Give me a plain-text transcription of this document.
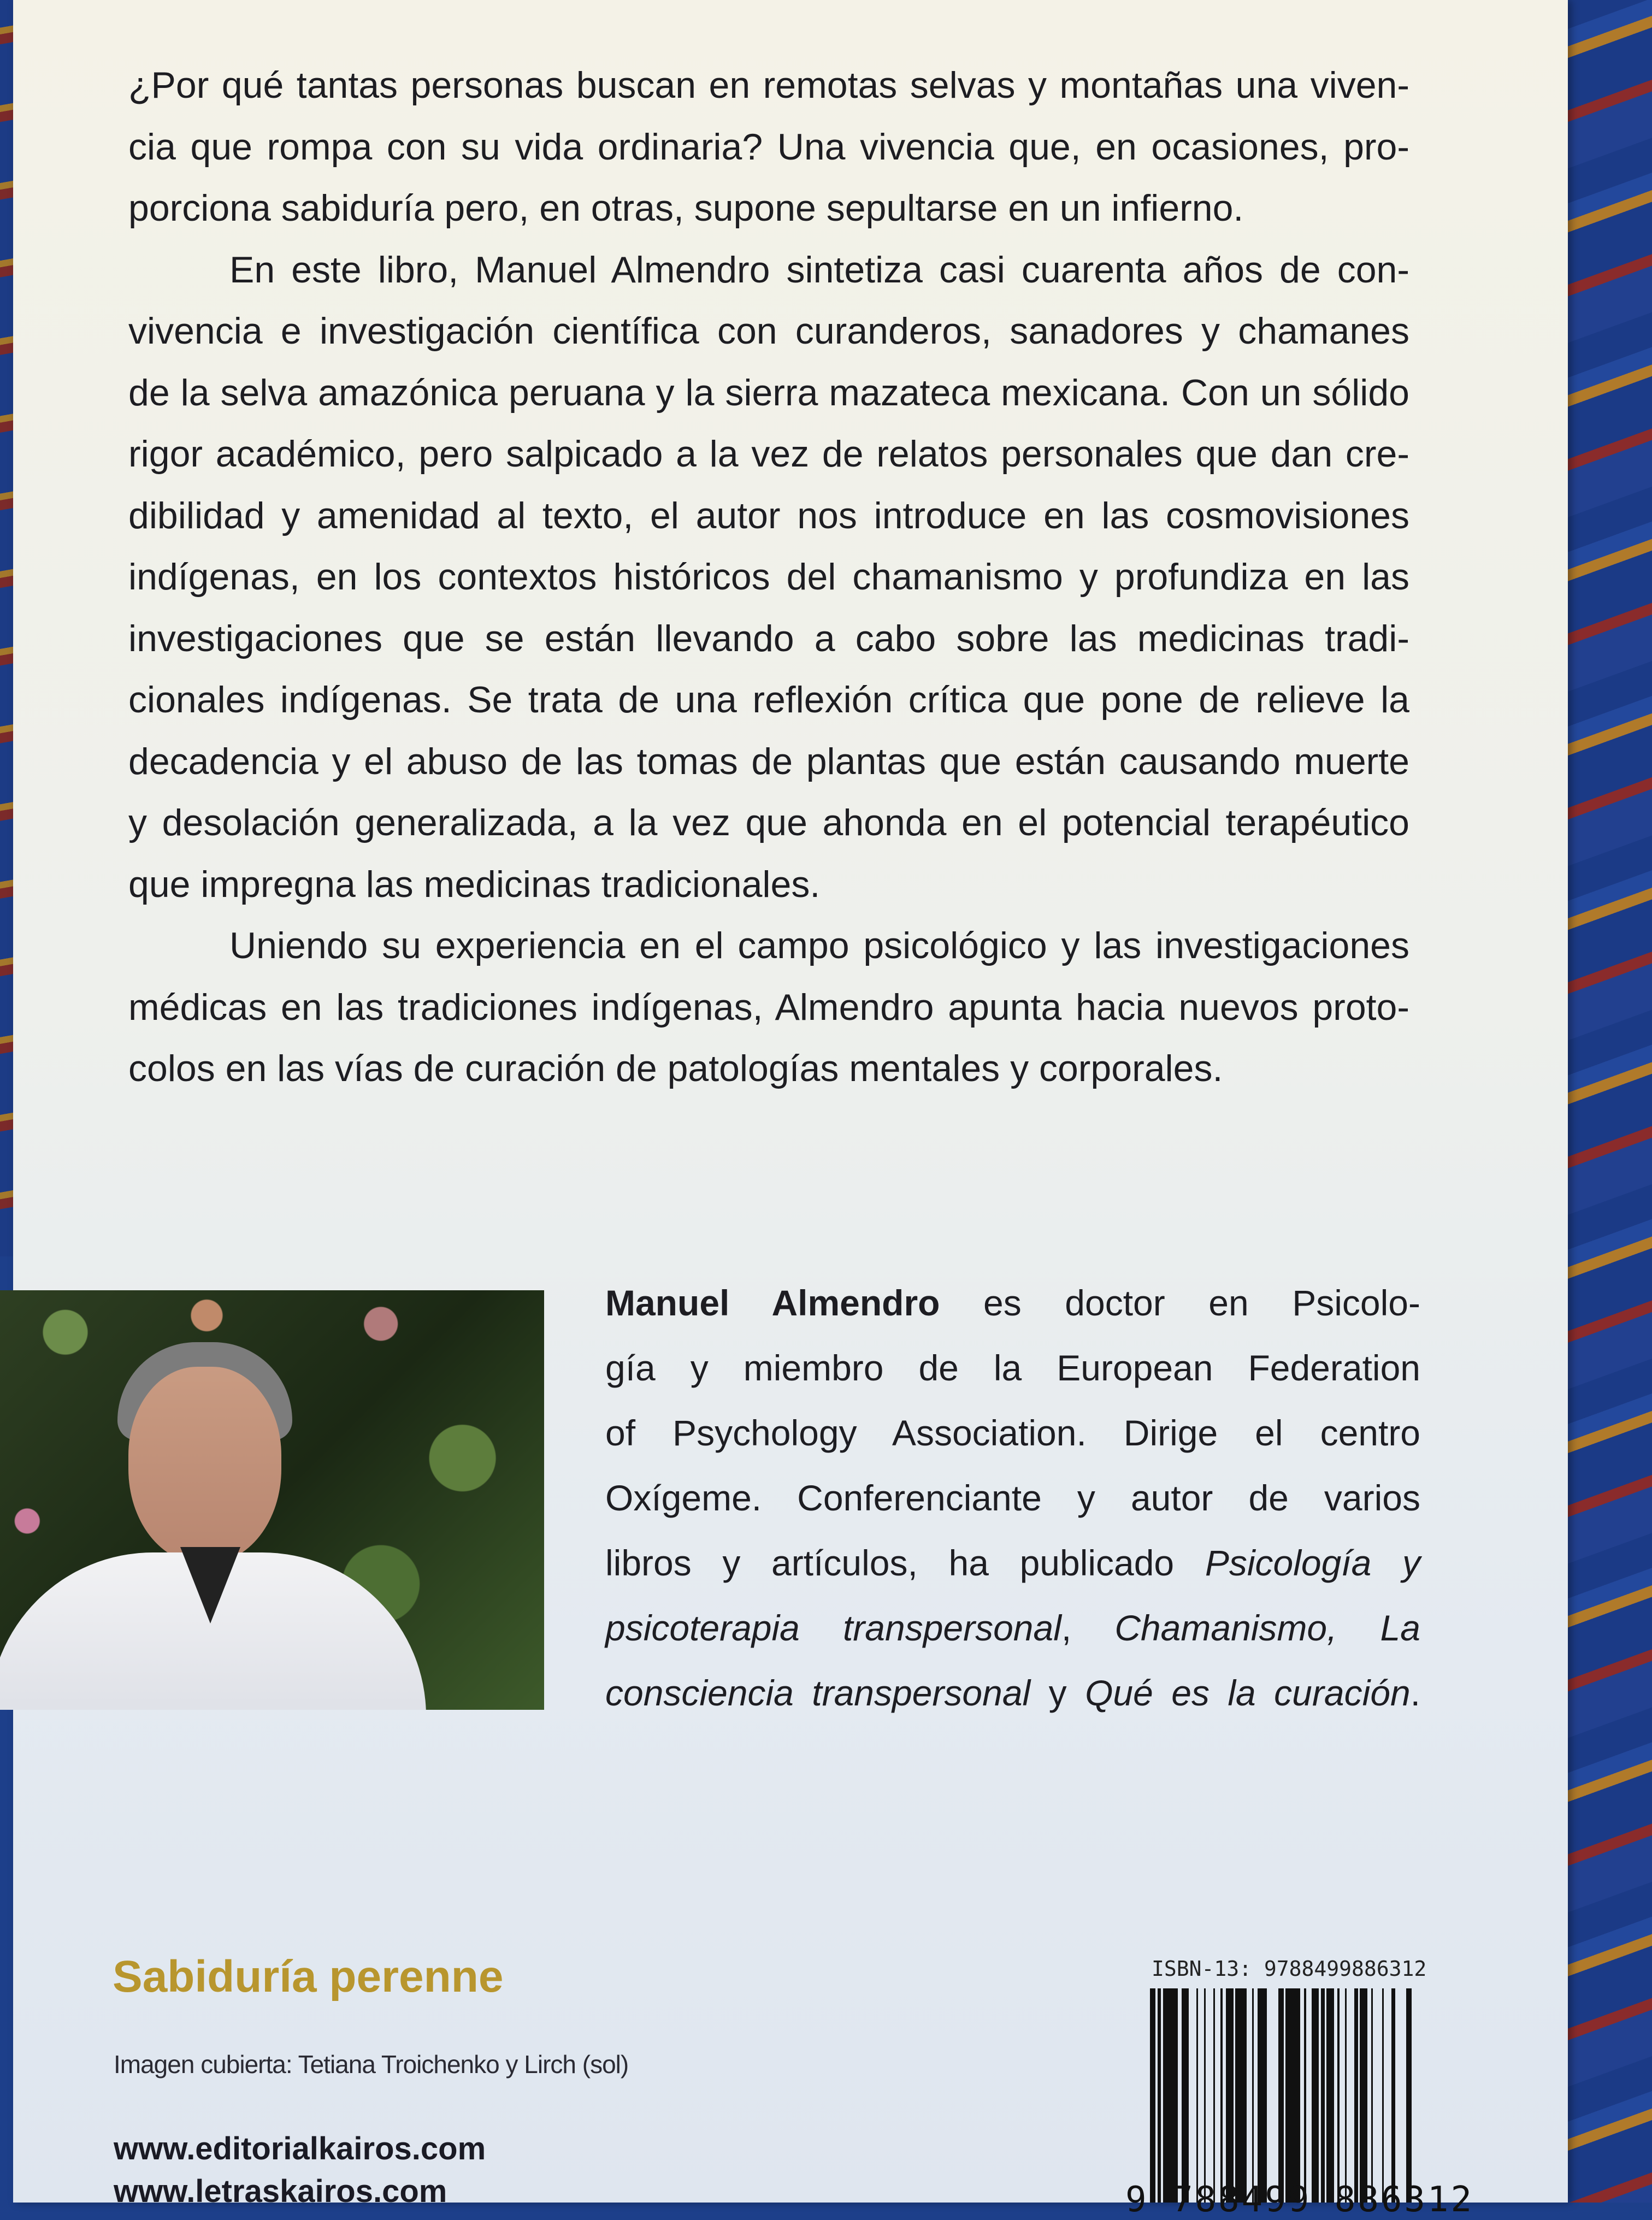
¿Por qué tantas personas buscan en remotas selvas y montañas una viven-
cia que rompa con su vida ordinaria? Una vivencia que, en ocasiones, pro-
porciona sabiduría pero, en otras, supone sepultarse en un infierno.
En este libro, Manuel Almendro sintetiza casi cuarenta años de con-
vivencia e investigación científica con curanderos, sanadores y chamanes
de la selva amazónica peruana y la sierra mazateca mexicana. Con un sólido
rigor académico, pero salpicado a la vez de relatos personales que dan cre-
dibilidad y amenidad al texto, el autor nos introduce en las cosmovisiones
indígenas, en los contextos históricos del chamanismo y profundiza en las
investigaciones que se están llevando a cabo sobre las medicinas tradi-
cionales indígenas. Se trata de una reflexión crítica que pone de relieve la
decadencia y el abuso de las tomas de plantas que están causando muerte
y desolación generalizada, a la vez que ahonda en el potencial terapéutico
que impregna las medicinas tradicionales.
Uniendo su experiencia en el campo psicológico y las investigaciones
médicas en las tradiciones indígenas, Almendro apunta hacia nuevos proto-
colos en las vías de curación de patologías mentales y corporales.
Manuel Almendro es doctor en Psicolo-
gía y miembro de la European Federation
of Psychology Association. Dirige el centro
Oxígeme. Conferenciante y autor de varios
libros y artículos, ha publicado Psicología y
psicoterapia transpersonal, Chamanismo, La
consciencia transpersonal y Qué es la curación.
Sabiduría perenne
Imagen cubierta: Tetiana Troichenko y Lirch (sol)
www.editorialkairos.com
www.letraskairos.com
ISBN-13: 9788499886312
9 788499 886312
